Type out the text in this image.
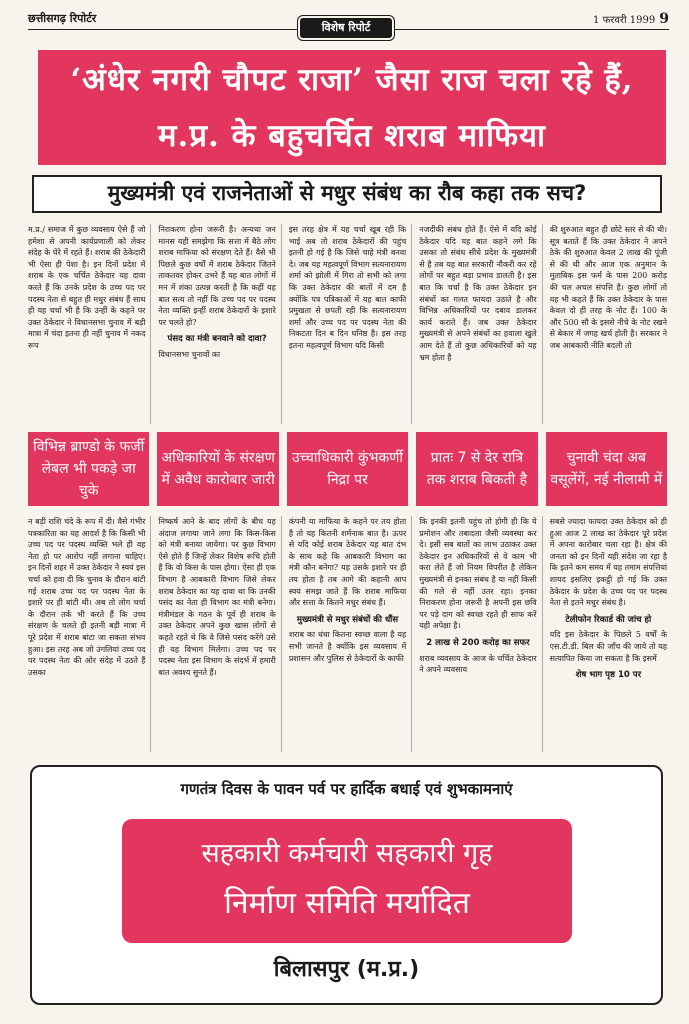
छत्तीसगढ़ रिपोर्टर	1 फरवरी 1999 9
विशेष रिपोर्ट
‘अंधेर नगरी चौपट राजा’ जैसा राज चला रहे हैं, म.प्र. के बहुचर्चित शराब माफिया
मुख्यमंत्री एवं राजनेताओं से मधुर संबंध का रौब कहा तक सच?
म.प्र./ समाज में कुछ व्यवसाय ऐसे हैं जो हमेशा से अपनी कार्यप्रणाली को लेकर संदेह के घेरे में रहते हैं। शराब की ठेकेदारी भी ऐसा ही पेशा है। इन दिनों प्रदेश में शराब के एक चर्चित ठेकेदार यह दावा करते हैं कि उनके प्रदेश के उच्च पद पर पदस्थ नेता से बहुत ही मधुर संबंध हैं साथ ही यह चर्चा भी है कि उन्हीं के कहने पर उक्त ठेकेदार ने विधानसभा चुनाव में बड़ी मात्रा में चंदा इतना ही नहीं चुनाव में नकद रूप
निराकरण होना जरूरी है। अन्यथा जन मानस यही समझेगा कि सत्ता में बैठे लोग शराब माफिया को संरक्षण देते हैं। वैसे भी पिछले कुछ वर्षों में शराब ठेकेदार जितने ताकतवर होकर उभरे हैं यह बात लोगों में मन में शंका उत्पन्न करती है कि कहीं यह बात सत्य तो नहीं कि उच्च पद पर पदस्थ नेता व्यक्ति इन्हीं शराब ठेकेदारों के इशारे पर चलते हो?
पंसद का मंत्री बनवाने को दावा?
विधानसभा चुनावों का
इस तरह क्षेत्र में यह चर्चा खूब रही कि भाई अब तो शराब ठेकेदारों की पहुंच इतनी हो गई है कि जिसे चाहे मंत्री बनवा दे। जब यह महत्वपूर्ण विभाग सत्यनारायण शर्मा को झोली में गिरा तो सभी को लगा कि उक्त ठेकेदार की बातों में दम है क्योंकि पत्र पत्रिकाओं में यह बात काफी प्रमुखता से छपती रही कि सत्यनारायण शर्मा और उच्च पद पर पदस्थ नेता की निकटता दिन ब दिन घनिष्ठ है। इस तरह इतना महत्वपूर्ण विभाग यदि किसी
नजदीकी संबंध होते हैं। ऐसे में यदि कोई ठेकेदार यदि यह बात कहने लगे कि उसका तो संबंध सीधे प्रदेश के मुख्यमंत्री से है तब यह बात सरकारी नौकरी कर रहे लोगों पर बहुत बड़ा प्रभाव डालती है। इस बात कि चर्चा है कि उक्त ठेकेदार इन संबंधों का गलत फायदा उठाते है और विभिन्न अधिकारियों पर दबाव डालकर कार्य कराते हैं। जब उक्त ठेकेदार मुख्यमंत्री से अपने संबंधों का हवाला खुले आम देते हैं तो कुछ अधिकारियों को यह भ्रम होता है
की शुरुआत बहुत ही छोटे स्तर से की थी। सूत्र बताते हैं कि उक्त ठेकेदार ने अपने ठेके की शुरुआत केवल 2 लाख की पूंजी से की थी और आज एक अनुमान के मुताबिक इस फर्म के पास 200 करोड़ की चल अचल संपत्ति है। कुछ लोगों तो यह भी कहते हैं कि उक्त ठेकेदार के पास केवल दो ही तरह के नोट हैं। 100 के और 500 सौ के इससे नीचे के नोट रखने से बेकार में जगह खर्च होती है। सरकार ने जब आबकारी नीति बदली तो
विभिन्न ब्राण्डो के फर्जी लेबल भी पकड़े जा चुके
अधिकारियों के संरक्षण में अवैध कारोबार जारी
उच्चाधिकारी कुंभकर्णी निद्रा पर
प्रातः 7 से देर रात्रि तक शराब बिकती है
चुनावी चंदा अब वसूलेंगें, नई नीलामी में
न बड़ी राशि चंदे के रूप में दी। वैसे गंभीर पत्रकारिता का यह आदर्श है कि किसी भी उच्च पद पर पदस्थ व्यक्ति भले ही वह नेता हो पर आरोप नहीं लगाना चाहिए। इन दिनों शहर में उक्त ठेकेदार ने स्वयं इस चर्चा को हवा दी कि चुनाव के दौरान बांटी गई शराब उच्च पद पर पदस्थ नेता के इशारे पर ही बांटी थी। अब तो लोग चर्चा के दौरान तर्क भी करते हैं कि उच्च संरक्षण के चलते ही इतनी बड़ी मात्रा में पूरे प्रदेश में शराब बांटा जा सकता संभव हुआ। इस तरह अब जो उंगलियां उच्च पद पर पदस्थ नेता की ओर संदेह में उठते हैं उसका
निष्कर्ष आने के बाद लोगों के बीच यह अंदाज लगाया जाने लगा कि किस-किस को मंत्री बनाया जायेगा। पर कुछ विभाग ऐसे होते हैं जिन्हें लेकर विशेष रूचि होती है कि वो किस के पास होगा। ऐसा ही एक विभाग है आबकारी विभाग जिसे लेकर शराब ठेकेदार का यह दावा था कि उनकी पसंद का नेता ही विभाग का मंत्री बनेगा। मंत्रीमंडल के गठन के पूर्व ही शराब के उक्त ठेकेदार अपने कुछ खास लोगों से कहते रहते थे कि वे जिसे पसंद करेंगे उसे ही यह विभाग मिलेगा। उच्च पद पर पदस्थ नेता इस विभाग के संदर्भ में हमारी बात अवश्य सुनते हैं।
कंपनी या माफिया के कहने पर तय होता है तो यह कितनी शर्मनाक बात है। ऊपर से यदि कोई शराब ठेकेदार यह बात दंभ के साथ कहे कि आबकारी विभाग का मंत्री कौन बनेगा? यह उसके इशारे पर ही तय होता है तब आगे की कहानी आप स्वयं समझ जाते हैं कि शराब माफिया और सत्ता के कितने मधुर संबंध हैं।
मुख्यमंत्री से मधुर संबंधों की धौंस
शराब का धंधा कितना स्वच्छ वाला है यह सभी जानते है क्योंकि इस व्यवसाय में प्रशासन और पुलिस से ठेकेदारों के काफी
कि इनकी इतनी पहुंच तो होगी ही कि ये प्रमोशन और तबादला जैसी व्यवस्था कर दे। इसी सब बातों का लाभ उठाकर उक्त ठेकेदार इन अधिकारियों से वे काम भी करा लेते हैं जो नियम विपरीत है लेकिन मुख्यमंत्री से इनका संबंध है या नहीं किसी की गले से नहीं उतर रहा। इनका निराकरण होना जरूरी है अपनी इस छवि पर पड़े दाग को स्वच्छ रहते ही साफ करें यही अपेक्षा है।
2 लाख से 200 करोड़ का सफर
शराब व्यवसाय के आज के चर्चित ठेकेदार ने अपने व्यवसाय
सबसे ज्यादा फायदा उक्त ठेकेदार को ही हुआ आज 2 लाख का ठेकेदार पूरे प्रदेश में अपना कारोबार चला रहा है। क्षेत्र की जनता को इन दिनों यही संदेश जा रहा है कि इतने कम समय में यह तमाम संपत्तियां शायद इसलिए इकट्ठी हो गई कि उक्त ठेकेदार के प्रदेश के उच्च पद पर पदस्थ नेता से इतने मधुर संबंध है।
टेलीफोन रिकार्ड की जांच हो
यदि इस ठेकेदार के पिछले 5 वर्षों के एस.टी.डी. बिल की जाँच की जाये तो यह सत्यापित किया जा सकता है कि इसमें
शेष भाग पृष्ठ 10 पर
गणतंत्र दिवस के पावन पर्व पर हार्दिक बधाई एवं शुभकामनाएं
सहकारी कर्मचारी सहकारी गृह
निर्माण समिति मर्यादित
बिलासपुर (म.प्र.)
